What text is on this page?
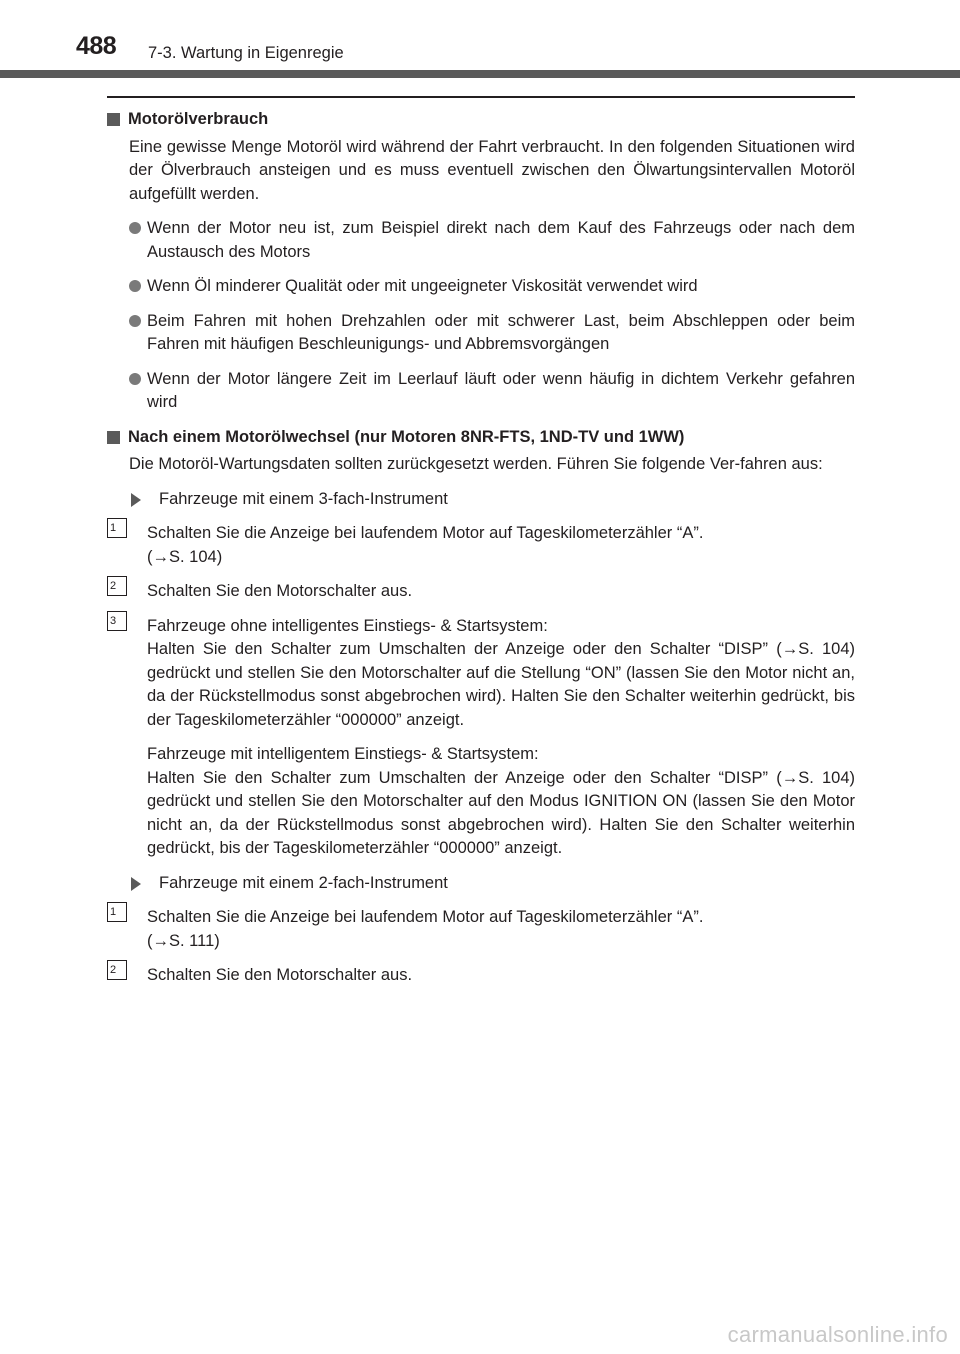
488 7-3. Wartung in Eigenregie
Motorölverbrauch
Eine gewisse Menge Motoröl wird während der Fahrt verbraucht. In den folgenden Situationen wird der Ölverbrauch ansteigen und es muss eventuell zwischen den Ölwartungsintervallen Motoröl aufgefüllt werden.
Wenn der Motor neu ist, zum Beispiel direkt nach dem Kauf des Fahrzeugs oder nach dem Austausch des Motors
Wenn Öl minderer Qualität oder mit ungeeigneter Viskosität verwendet wird
Beim Fahren mit hohen Drehzahlen oder mit schwerer Last, beim Abschleppen oder beim Fahren mit häufigen Beschleunigungs- und Abbremsvorgängen
Wenn der Motor längere Zeit im Leerlauf läuft oder wenn häufig in dichtem Verkehr gefahren wird
Nach einem Motorölwechsel (nur Motoren 8NR-FTS, 1ND-TV und 1WW)
Die Motoröl-Wartungsdaten sollten zurückgesetzt werden. Führen Sie folgende Ver-fahren aus:
Fahrzeuge mit einem 3-fach-Instrument
1	Schalten Sie die Anzeige bei laufendem Motor auf Tageskilometerzähler “A”.
(→S. 104)
2	Schalten Sie den Motorschalter aus.
3	Fahrzeuge ohne intelligentes Einstiegs- & Startsystem:
Halten Sie den Schalter zum Umschalten der Anzeige oder den Schalter “DISP” (→S. 104) gedrückt und stellen Sie den Motorschalter auf die Stellung “ON” (lassen Sie den Motor nicht an, da der Rückstellmodus sonst abgebrochen wird). Halten Sie den Schalter weiterhin gedrückt, bis der Tageskilometerzähler “000000” anzeigt.
Fahrzeuge mit intelligentem Einstiegs- & Startsystem:
Halten Sie den Schalter zum Umschalten der Anzeige oder den Schalter “DISP” (→S. 104) gedrückt und stellen Sie den Motorschalter auf den Modus IGNITION ON (lassen Sie den Motor nicht an, da der Rückstellmodus sonst abgebrochen wird). Halten Sie den Schalter weiterhin gedrückt, bis der Tageskilometerzähler “000000” anzeigt.
Fahrzeuge mit einem 2-fach-Instrument
1	Schalten Sie die Anzeige bei laufendem Motor auf Tageskilometerzähler “A”.
(→S. 111)
2	Schalten Sie den Motorschalter aus.
carmanualsonline.info
